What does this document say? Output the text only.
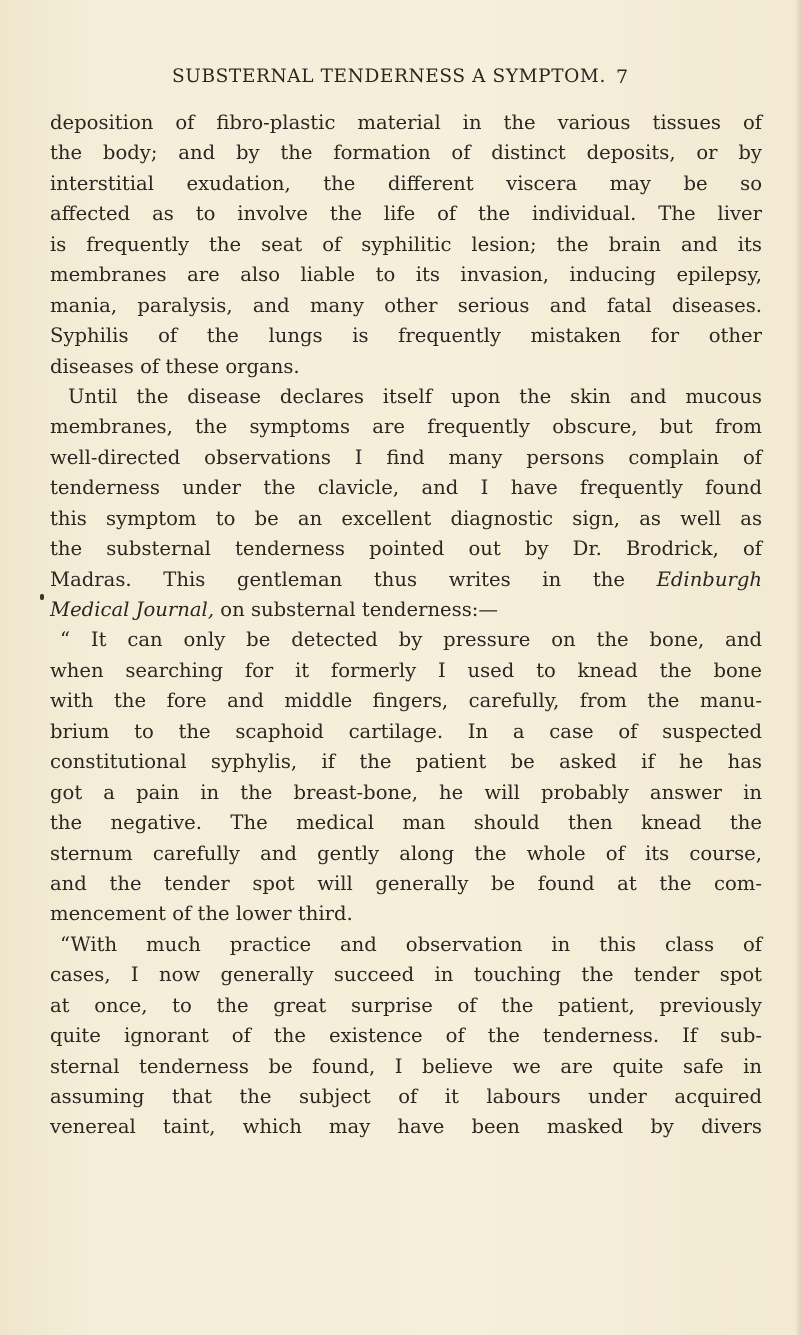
SUBSTERNAL TENDERNESS A SYMPTOM. 7
deposition of fibro-plastic material in the various tissues of
the body; and by the formation of distinct deposits, or by
interstitial exudation, the different viscera may be so
affected as to involve the life of the individual. The liver
is frequently the seat of syphilitic lesion; the brain and its
membranes are also liable to its invasion, inducing epilepsy,
mania, paralysis, and many other serious and fatal diseases.
Syphilis of the lungs is frequently mistaken for other
diseases of these organs.
Until the disease declares itself upon the skin and mucous
membranes, the symptoms are frequently obscure, but from
well-directed observations I find many persons complain of
tenderness under the clavicle, and I have frequently found
this symptom to be an excellent diagnostic sign, as well as
the substernal tenderness pointed out by Dr. Brodrick, of
Madras. This gentleman thus writes in the Edinburgh
Medical Journal, on substernal tenderness:—
“ It can only be detected by pressure on the bone, and
when searching for it formerly I used to knead the bone
with the fore and middle fingers, carefully, from the manu-
brium to the scaphoid cartilage. In a case of suspected
constitutional syphylis, if the patient be asked if he has
got a pain in the breast-bone, he will probably answer in
the negative. The medical man should then knead the
sternum carefully and gently along the whole of its course,
and the tender spot will generally be found at the com-
mencement of the lower third.
“With much practice and observation in this class of
cases, I now generally succeed in touching the tender spot
at once, to the great surprise of the patient, previously
quite ignorant of the existence of the tenderness. If sub-
sternal tenderness be found, I believe we are quite safe in
assuming that the subject of it labours under acquired
venereal taint, which may have been masked by divers
